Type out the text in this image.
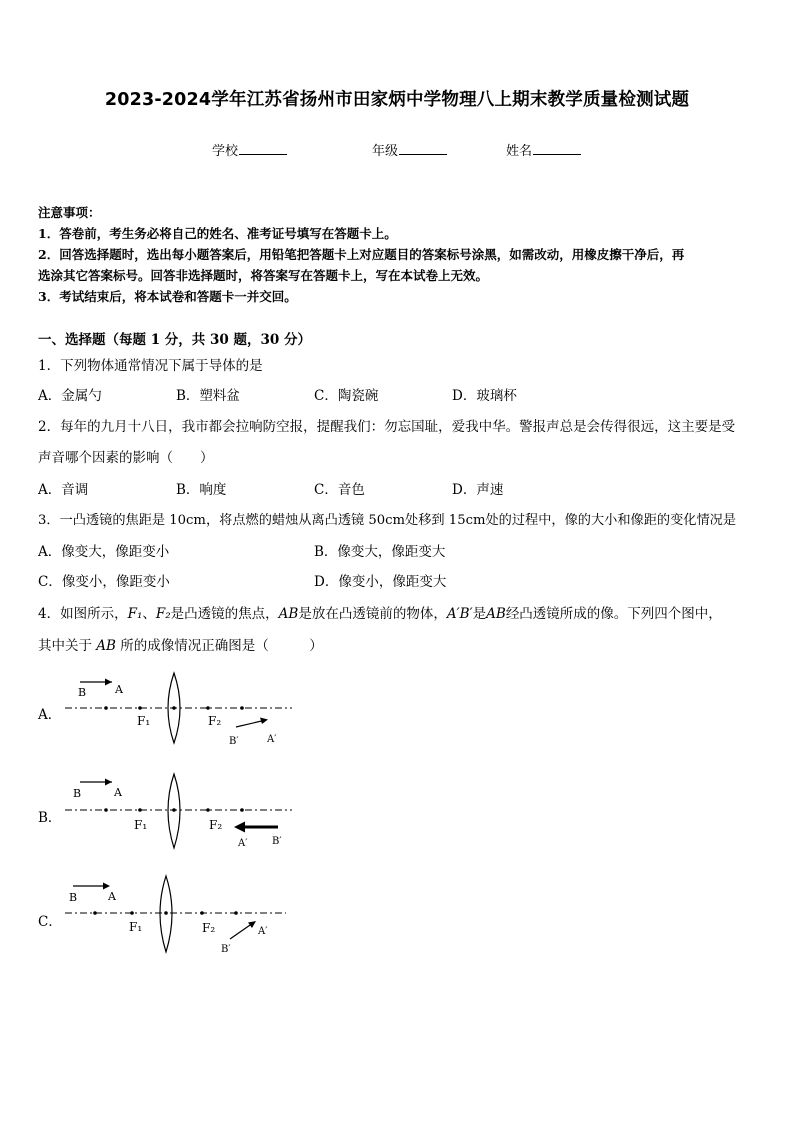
2023-2024学年江苏省扬州市田家炳中学物理八上期末教学质量检测试题
学校	年级	姓名
注意事项：
1．答卷前，考生务必将自己的姓名、准考证号填写在答题卡上。
2．回答选择题时，选出每小题答案后，用铅笔把答题卡上对应题目的答案标号涂黑，如需改动，用橡皮擦干净后，再
选涂其它答案标号。回答非选择题时，将答案写在答题卡上，写在本试卷上无效。
3．考试结束后，将本试卷和答题卡一并交回。
一、选择题（每题 1 分，共 30 题，30 分）
1．下列物体通常情况下属于导体的是
A．金属勺	B．塑料盆	C．陶瓷碗	D．玻璃杯
2．每年的九月十八日，我市都会拉响防空报，提醒我们：勿忘国耻，爱我中华。警报声总是会传得很远，这主要是受
声音哪个因素的影响（　　）
A．音调	B．响度	C．音色	D．声速
3．一凸透镜的焦距是 10cm，将点燃的蜡烛从离凸透镜 50cm处移到 15cm处的过程中，像的大小和像距的变化情况是
A．像变大，像距变小	B．像变大，像距变大
C．像变小，像距变小	D．像变小，像距变大
4．如图所示，F₁、F₂是凸透镜的焦点，AB是放在凸透镜前的物体，A′B′是AB经凸透镜所成的像。下列四个图中，
其中关于 AB 所的成像情况正确图是（　　　）
A．
B	A
F₁	F₂
B′	A′
B．
B	A
F₁	F₂
A′ B′
C．
B	A
F₁	F₂
B′
A′
